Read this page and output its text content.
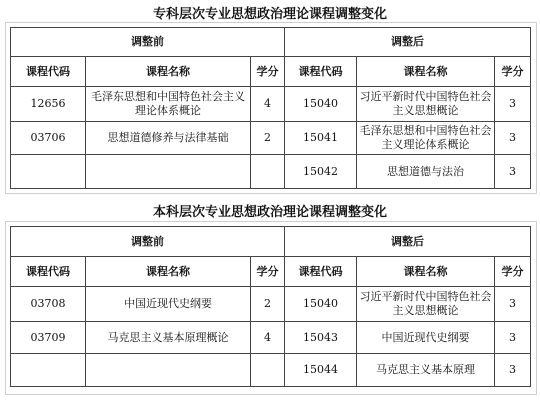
专科层次专业思想政治理论课程调整变化
调整前			调整后		
课程代码	课程名称	学分	课程代码	课程名称	学分
12656	毛泽东思想和中国特色社会主义理论体系概论	4	15040	习近平新时代中国特色社会主义思想概论	3
03706	思想道德修养与法律基础	2	15041	毛泽东思想和中国特色社会主义理论体系概论	3
			15042	思想道德与法治	3
本科层次专业思想政治理论课程调整变化
调整前			调整后		
课程代码	课程名称	学分	课程代码	课程名称	学分
03708	中国近现代史纲要	2	15040	习近平新时代中国特色社会主义思想概论	3
03709	马克思主义基本原理概论	4	15043	中国近现代史纲要	3
			15044	马克思主义基本原理	3
